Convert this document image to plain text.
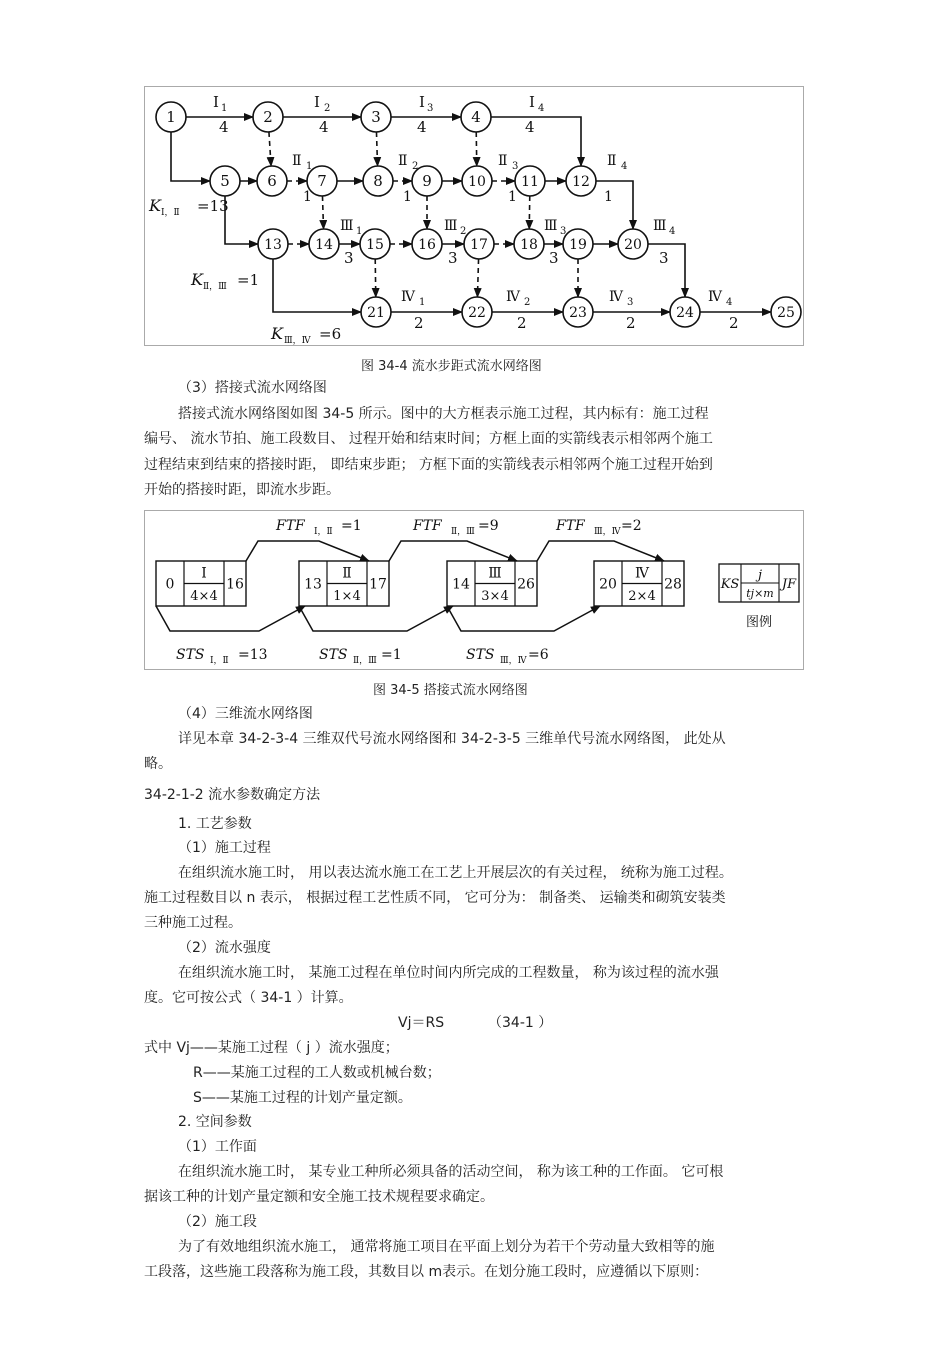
1	2	3	4
5 6	7	8	9	10	11 12
13 14 15 16 17 18 19	20
21	22	23	24	25
Ⅰ 1	Ⅰ 2	Ⅰ 3	Ⅰ 4
4	4	4	4
Ⅱ 1	Ⅱ 2	Ⅱ 3	Ⅱ 4
1	1	1	1
Ⅲ 1	Ⅲ 2	Ⅲ 3	Ⅲ 4
3	3	3	3
Ⅳ 1	Ⅳ 2	Ⅳ 3	Ⅳ 4
2	2	2	2
K Ⅰ，Ⅱ =13
K Ⅱ，Ⅲ =1
K Ⅲ，Ⅳ =6
图 34-4 流水步距式流水网络图
（3）搭接式流水网络图
搭接式流水网络图如图 34-5 所示。图中的大方框表示施工过程，其内标有：施工过程
编号、 流水节拍、施工段数目、 过程开始和结束时间；方框上面的实箭线表示相邻两个施工
过程结束到结束的搭接时距， 即结束步距； 方框下面的实箭线表示相邻两个施工过程开始到
开始的搭接时距，即流水步距。
0
Ⅰ
4×4
16	13
Ⅱ
1×4
17	14
Ⅲ
3×4
26	20
Ⅳ
2×4
28
FTF Ⅰ，Ⅱ =1	FTF Ⅱ，Ⅲ =9	FTF Ⅲ，Ⅳ =2
STS Ⅰ，Ⅱ =13	STS Ⅱ，Ⅲ =1	STS Ⅲ，Ⅳ =6
KS
j
tj×m
JF
图例
图 34-5 搭接式流水网络图
（4）三维流水网络图
详见本章 34-2-3-4 三维双代号流水网络图和 34-2-3-5 三维单代号流水网络图， 此处从
略。
34-2-1-2 流水参数确定方法
1. 工艺参数
（1）施工过程
在组织流水施工时， 用以表达流水施工在工艺上开展层次的有关过程， 统称为施工过程。
施工过程数目以 n 表示， 根据过程工艺性质不同， 它可分为： 制备类、 运输类和砌筑安装类
三种施工过程。
（2）流水强度
在组织流水施工时， 某施工过程在单位时间内所完成的工程数量， 称为该过程的流水强
度。它可按公式（ 34-1 ）计算。
Vj＝RS	（34-1 ）
式中 Vj——某施工过程（ j ）流水强度；
R——某施工过程的工人数或机械台数；
S——某施工过程的计划产量定额。
2. 空间参数
（1）工作面
在组织流水施工时， 某专业工种所必须具备的活动空间， 称为该工种的工作面。 它可根
据该工种的计划产量定额和安全施工技术规程要求确定。
（2）施工段
为了有效地组织流水施工， 通常将施工项目在平面上划分为若干个劳动量大致相等的施
工段落，这些施工段落称为施工段，其数目以 m表示。在划分施工段时，应遵循以下原则：
